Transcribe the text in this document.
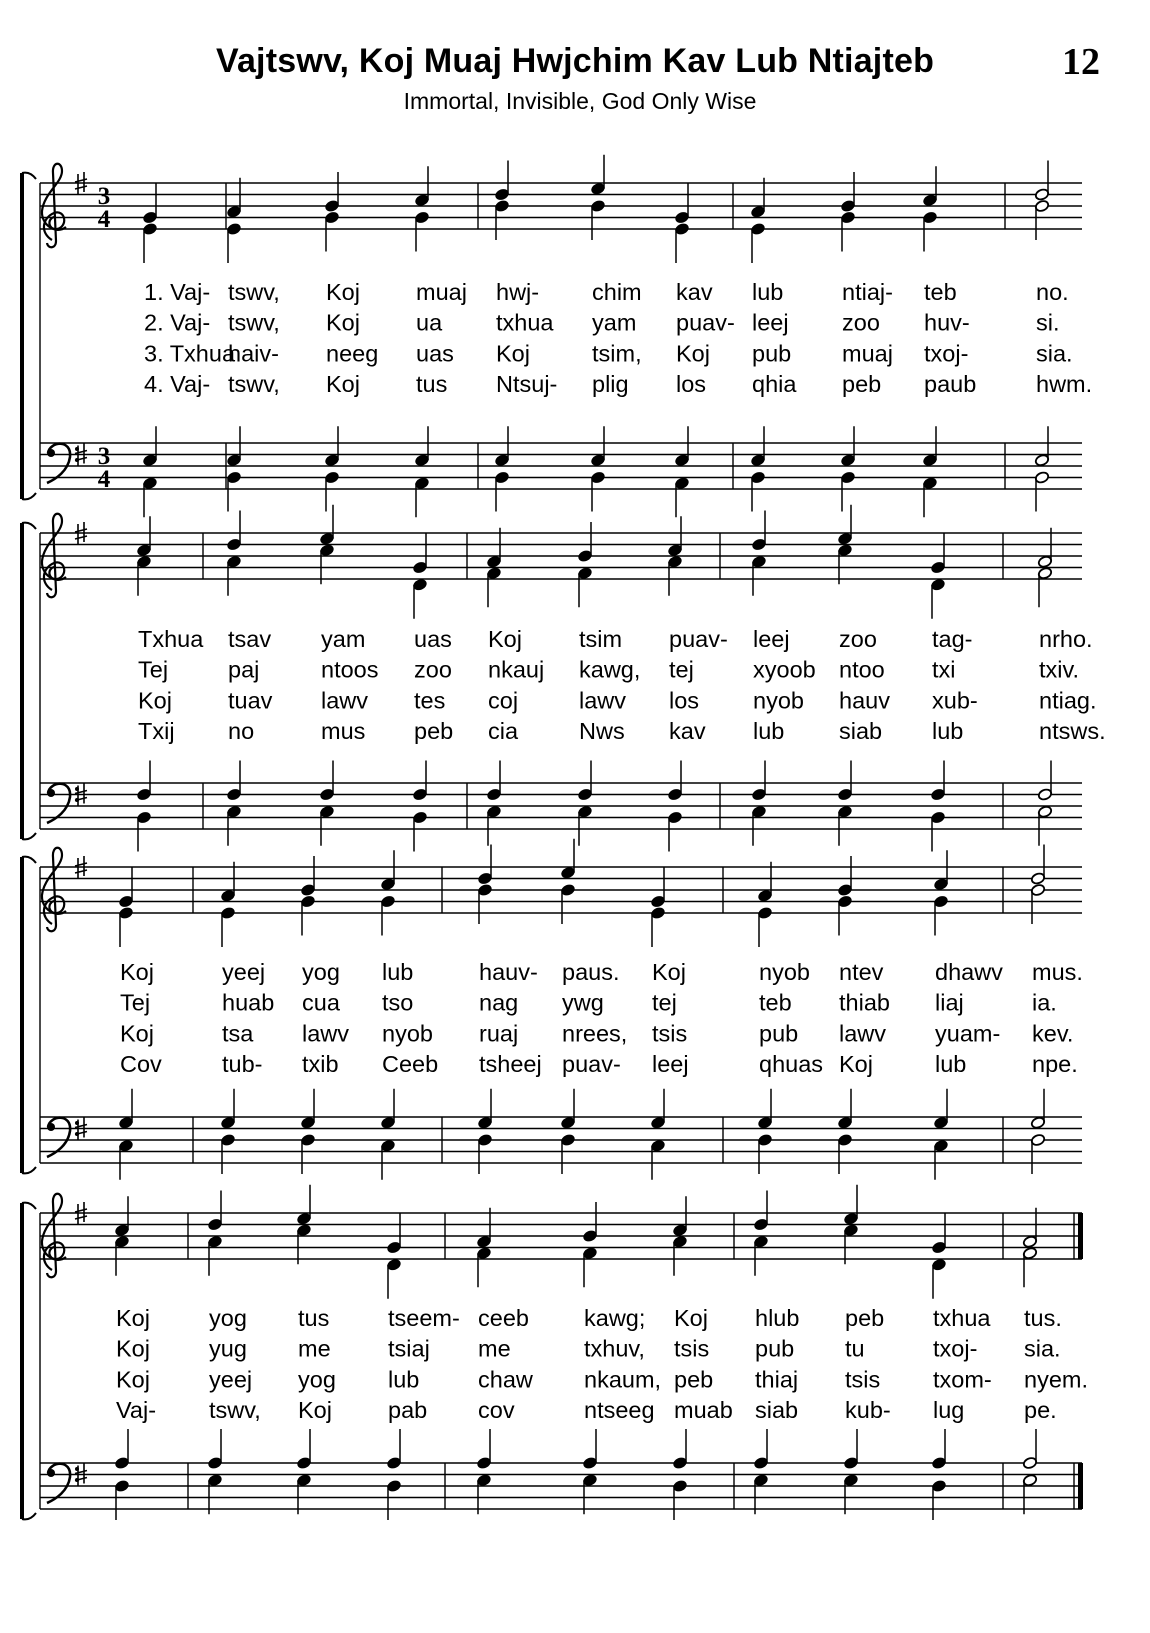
Vajtswv, Koj Muaj Hwjchim Kav Lub Ntiajteb	12
Immortal, Invisible, God Only Wise
3
4
3
4
1. Vaj- tswv, Koj muaj hwj- chim kav lub ntiaj- teb	no.
2. Vaj- tswv, Koj ua txhua yam puav- leej zoo huv-	si.
3. Txhua
haiv- neeg uas Koj	tsim, Koj pub muaj txoj-	sia.
4. Vaj- tswv, Koj tus Ntsuj- plig los qhia peb paub	hwm.
Txhua tsav yam uas Koj tsim puav- leej zoo tag-	nrho.
Tej	paj	ntoos zoo nkauj kawg, tej	xyoob ntoo txi	txiv.
Koj tuav lawv tes coj	lawv los nyob hauv xub-	ntiag.
Txij no	mus peb cia	Nws kav lub siab lub	ntsws.
Koj	yeej yog lub	hauv- paus. Koj	nyob ntev dhawv mus.
Tej	huab cua tso	nag ywg tej	teb thiab liaj	ia.
Koj	tsa lawv nyob ruaj nrees, tsis	pub lawv yuam- kev.
Cov	tub- txib Ceeb tsheej puav- leej	qhuas Koj	lub	npe.
Koj	yog tus tseem- ceeb kawg; Koj hlub peb txhua tus.
Koj	yug me tsiaj me	txhuv, tsis pub tu	txoj- sia.
Koj	yeej yog lub chaw nkaum, peb thiaj tsis txom- nyem.
Vaj- tswv, Koj pab cov	ntseeg muab siab kub- lug	pe.
